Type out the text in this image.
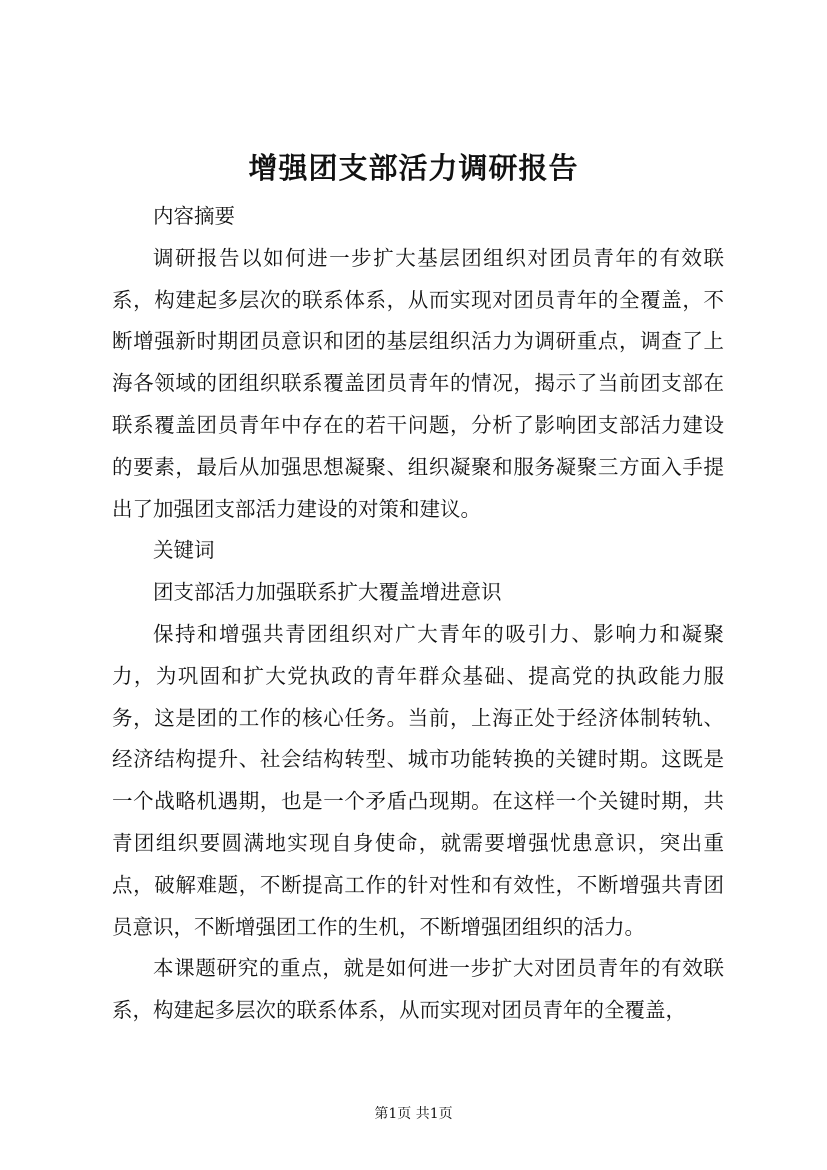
增强团支部活力调研报告

内容摘要

调研报告以如何进一步扩大基层团组织对团员青年的有效联系，构建起多层次的联系体系，从而实现对团员青年的全覆盖，不断增强新时期团员意识和团的基层组织活力为调研重点，调查了上海各领域的团组织联系覆盖团员青年的情况，揭示了当前团支部在联系覆盖团员青年中存在的若干问题，分析了影响团支部活力建设的要素，最后从加强思想凝聚、组织凝聚和服务凝聚三方面入手提出了加强团支部活力建设的对策和建议。

关键词

团支部活力加强联系扩大覆盖增进意识

保持和增强共青团组织对广大青年的吸引力、影响力和凝聚力，为巩固和扩大党执政的青年群众基础、提高党的执政能力服务，这是团的工作的核心任务。当前，上海正处于经济体制转轨、经济结构提升、社会结构转型、城市功能转换的关键时期。这既是一个战略机遇期，也是一个矛盾凸现期。在这样一个关键时期，共青团组织要圆满地实现自身使命，就需要增强忧患意识，突出重点，破解难题，不断提高工作的针对性和有效性，不断增强共青团员意识，不断增强团工作的生机，不断增强团组织的活力。

本课题研究的重点，就是如何进一步扩大对团员青年的有效联系，构建起多层次的联系体系，从而实现对团员青年的全覆盖，

第1页 共1页
